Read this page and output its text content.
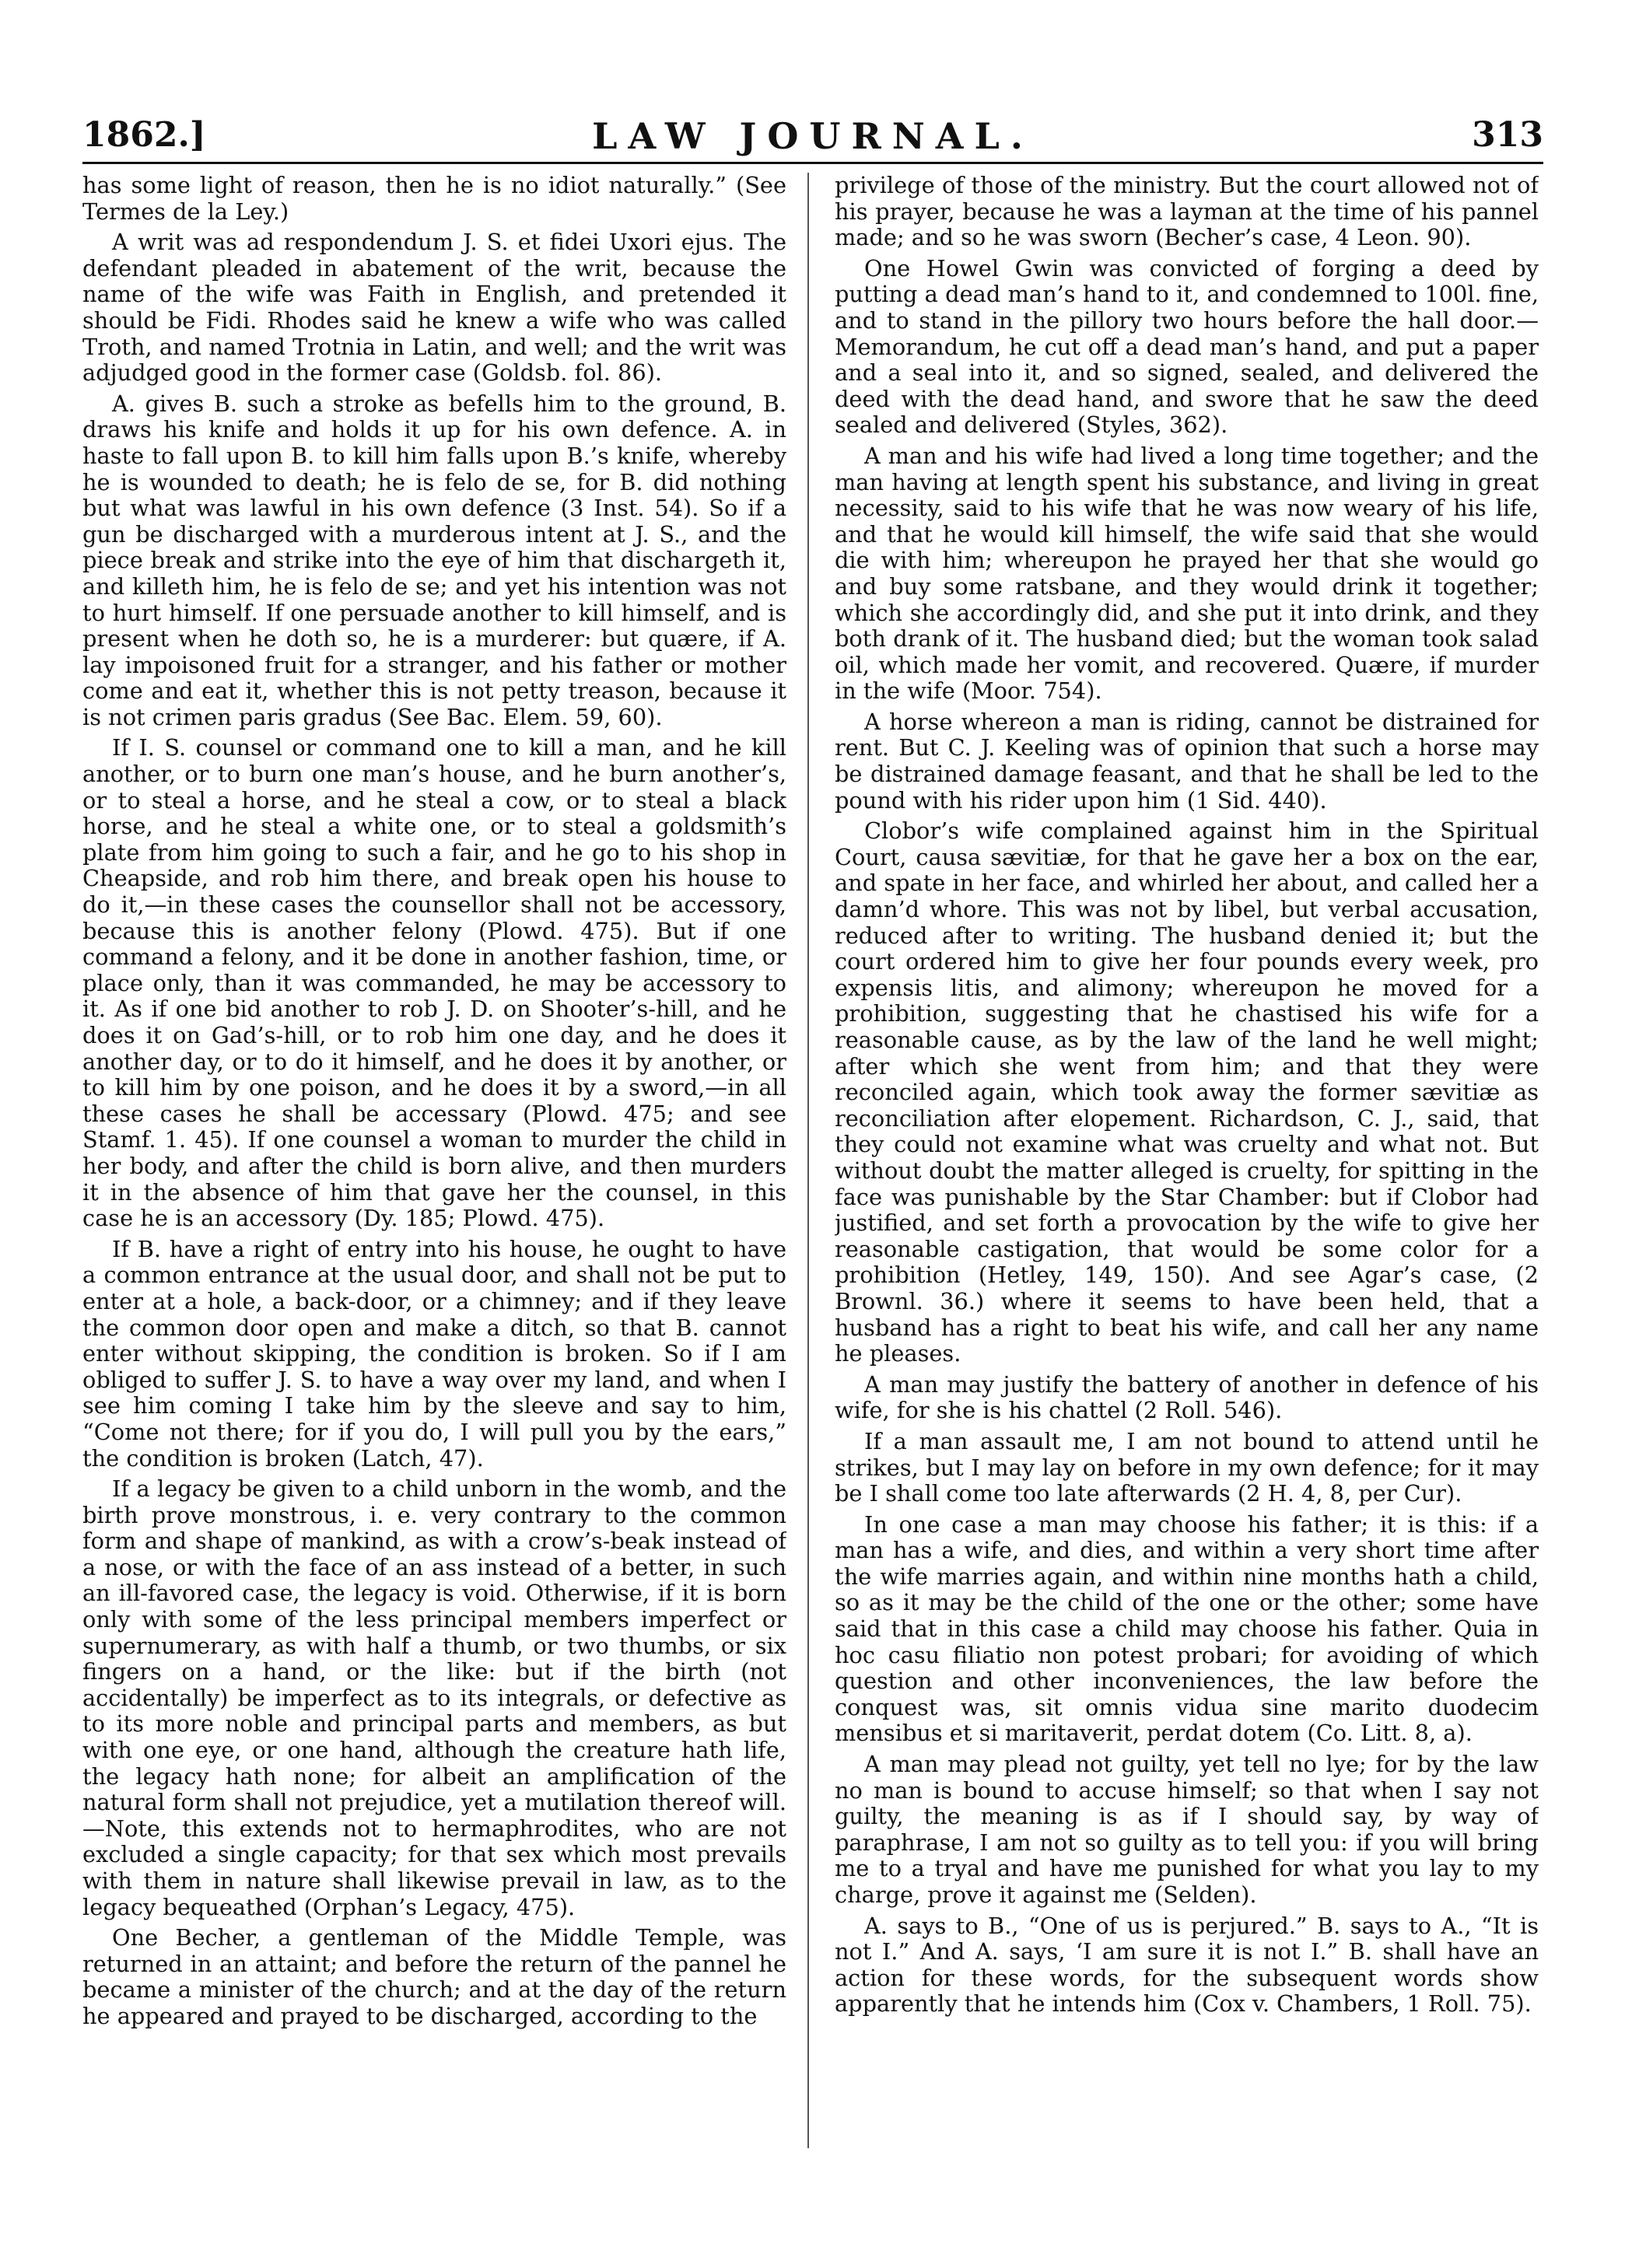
1862.]	LAW JOURNAL.	313

has some light of reason, then he is no idiot naturally.” (See Termes de la Ley.)

A writ was ad respondendum J. S. et fidei Uxori ejus. The defendant pleaded in abatement of the writ, because the name of the wife was Faith in English, and pretended it should be Fidi. Rhodes said he knew a wife who was called Troth, and named Trotnia in Latin, and well; and the writ was adjudged good in the former case (Goldsb. fol. 86).

A. gives B. such a stroke as befells him to the ground, B. draws his knife and holds it up for his own defence. A. in haste to fall upon B. to kill him falls upon B.’s knife, whereby he is wounded to death; he is felo de se, for B. did nothing but what was lawful in his own defence (3 Inst. 54). So if a gun be discharged with a murderous intent at J. S., and the piece break and strike into the eye of him that dischargeth it, and killeth him, he is felo de se; and yet his intention was not to hurt himself. If one persuade another to kill himself, and is present when he doth so, he is a murderer: but quære, if A. lay impoisoned fruit for a stranger, and his father or mother come and eat it, whether this is not petty treason, because it is not crimen paris gradus (See Bac. Elem. 59, 60).

If I. S. counsel or command one to kill a man, and he kill another, or to burn one man’s house, and he burn another’s, or to steal a horse, and he steal a cow, or to steal a black horse, and he steal a white one, or to steal a goldsmith’s plate from him going to such a fair, and he go to his shop in Cheapside, and rob him there, and break open his house to do it,—in these cases the counsellor shall not be accessory, because this is another felony (Plowd. 475). But if one command a felony, and it be done in another fashion, time, or place only, than it was commanded, he may be accessory to it. As if one bid another to rob J. D. on Shooter’s-hill, and he does it on Gad’s-hill, or to rob him one day, and he does it another day, or to do it himself, and he does it by another, or to kill him by one poison, and he does it by a sword,—in all these cases he shall be accessary (Plowd. 475; and see Stamf. 1. 45). If one counsel a woman to murder the child in her body, and after the child is born alive, and then murders it in the absence of him that gave her the counsel, in this case he is an accessory (Dy. 185; Plowd. 475).

If B. have a right of entry into his house, he ought to have a common entrance at the usual door, and shall not be put to enter at a hole, a back-door, or a chimney; and if they leave the common door open and make a ditch, so that B. cannot enter without skipping, the condition is broken. So if I am obliged to suffer J. S. to have a way over my land, and when I see him coming I take him by the sleeve and say to him, “Come not there; for if you do, I will pull you by the ears,” the condition is broken (Latch, 47).

If a legacy be given to a child unborn in the womb, and the birth prove monstrous, i. e. very contrary to the common form and shape of mankind, as with a crow’s-beak instead of a nose, or with the face of an ass instead of a better, in such an ill-favored case, the legacy is void. Otherwise, if it is born only with some of the less principal members imperfect or supernumerary, as with half a thumb, or two thumbs, or six fingers on a hand, or the like: but if the birth (not accidentally) be imperfect as to its integrals, or defective as to its more noble and principal parts and members, as but with one eye, or one hand, although the creature hath life, the legacy hath none; for albeit an amplification of the natural form shall not prejudice, yet a mutilation thereof will.—Note, this extends not to hermaphrodites, who are not excluded a single capacity; for that sex which most prevails with them in nature shall likewise prevail in law, as to the legacy bequeathed (Orphan’s Legacy, 475).

One Becher, a gentleman of the Middle Temple, was returned in an attaint; and before the return of the pannel he became a minister of the church; and at the day of the return he appeared and prayed to be discharged, according to the

privilege of those of the ministry. But the court allowed not of his prayer, because he was a layman at the time of his pannel made; and so he was sworn (Becher’s case, 4 Leon. 90).

One Howel Gwin was convicted of forging a deed by putting a dead man’s hand to it, and condemned to 100l. fine, and to stand in the pillory two hours before the hall door.—Memorandum, he cut off a dead man’s hand, and put a paper and a seal into it, and so signed, sealed, and delivered the deed with the dead hand, and swore that he saw the deed sealed and delivered (Styles, 362).

A man and his wife had lived a long time together; and the man having at length spent his substance, and living in great necessity, said to his wife that he was now weary of his life, and that he would kill himself, the wife said that she would die with him; whereupon he prayed her that she would go and buy some ratsbane, and they would drink it together; which she accordingly did, and she put it into drink, and they both drank of it. The husband died; but the woman took salad oil, which made her vomit, and recovered. Quære, if murder in the wife (Moor. 754).

A horse whereon a man is riding, cannot be distrained for rent. But C. J. Keeling was of opinion that such a horse may be distrained damage feasant, and that he shall be led to the pound with his rider upon him (1 Sid. 440).

Clobor’s wife complained against him in the Spiritual Court, causa sævitiæ, for that he gave her a box on the ear, and spate in her face, and whirled her about, and called her a damn’d whore. This was not by libel, but verbal accusation, reduced after to writing. The husband denied it; but the court ordered him to give her four pounds every week, pro expensis litis, and alimony; whereupon he moved for a prohibition, suggesting that he chastised his wife for a reasonable cause, as by the law of the land he well might; after which she went from him; and that they were reconciled again, which took away the former sævitiæ as reconciliation after elopement. Richardson, C. J., said, that they could not examine what was cruelty and what not. But without doubt the matter alleged is cruelty, for spitting in the face was punishable by the Star Chamber: but if Clobor had justified, and set forth a provocation by the wife to give her reasonable castigation, that would be some color for a prohibition (Hetley, 149, 150). And see Agar’s case, (2 Brownl. 36.) where it seems to have been held, that a husband has a right to beat his wife, and call her any name he pleases.

A man may justify the battery of another in defence of his wife, for she is his chattel (2 Roll. 546).

If a man assault me, I am not bound to attend until he strikes, but I may lay on before in my own defence; for it may be I shall come too late afterwards (2 H. 4, 8, per Cur).

In one case a man may choose his father; it is this: if a man has a wife, and dies, and within a very short time after the wife marries again, and within nine months hath a child, so as it may be the child of the one or the other; some have said that in this case a child may choose his father. Quia in hoc casu filiatio non potest probari; for avoiding of which question and other inconveniences, the law before the conquest was, sit omnis vidua sine marito duodecim mensibus et si maritaverit, perdat dotem (Co. Litt. 8, a).

A man may plead not guilty, yet tell no lye; for by the law no man is bound to accuse himself; so that when I say not guilty, the meaning is as if I should say, by way of paraphrase, I am not so guilty as to tell you: if you will bring me to a tryal and have me punished for what you lay to my charge, prove it against me (Selden).

A. says to B., “One of us is perjured.” B. says to A., “It is not I.” And A. says, ‘I am sure it is not I.” B. shall have an action for these words, for the subsequent words show apparently that he intends him (Cox v. Chambers, 1 Roll. 75).
